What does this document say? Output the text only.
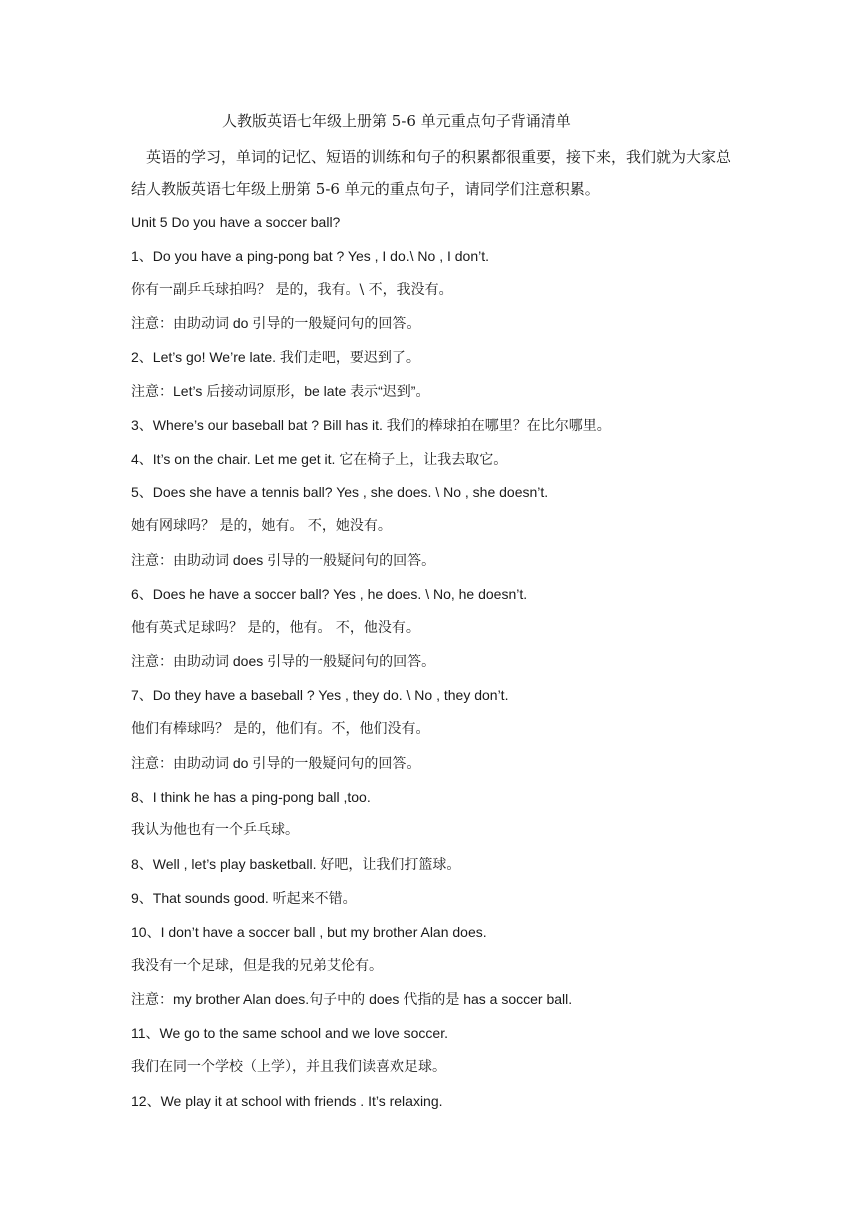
人教版英语七年级上册第 5-6 单元重点句子背诵清单
英语的学习，单词的记忆、短语的训练和句子的积累都很重要，接下来，我们就为大家总结人教版英语七年级上册第 5-6 单元的重点句子，请同学们注意积累。
Unit 5 Do you have a soccer ball?
1、Do you have a ping-pong bat ? Yes , I do.\ No , I don’t.
你有一副乒乓球拍吗？ 是的，我有。\ 不，我没有。
注意：由助动词 do 引导的一般疑问句的回答。
2、Let’s go! We’re late. 我们走吧，要迟到了。
注意：Let’s 后接动词原形，be late 表示“迟到”。
3、Where’s our baseball bat ? Bill has it. 我们的棒球拍在哪里？在比尔哪里。
4、It’s on the chair. Let me get it. 它在椅子上，让我去取它。
5、Does she have a tennis ball? Yes , she does. \ No , she doesn’t.
她有网球吗？ 是的，她有。 不，她没有。
注意：由助动词 does 引导的一般疑问句的回答。
6、Does he have a soccer ball? Yes , he does. \ No, he doesn’t.
他有英式足球吗？ 是的，他有。 不，他没有。
注意：由助动词 does 引导的一般疑问句的回答。
7、Do they have a baseball ? Yes , they do. \ No , they don’t.
他们有棒球吗？ 是的，他们有。不，他们没有。
注意：由助动词 do 引导的一般疑问句的回答。
8、I think he has a ping-pong ball ,too.
我认为他也有一个乒乓球。
8、Well , let’s play basketball. 好吧，让我们打篮球。
9、That sounds good. 听起来不错。
10、I don’t have a soccer ball , but my brother Alan does.
我没有一个足球，但是我的兄弟艾伦有。
注意：my brother Alan does.句子中的 does 代指的是 has a soccer ball.
11、We go to the same school and we love soccer.
我们在同一个学校（上学），并且我们读喜欢足球。
12、We play it at school with friends . It’s relaxing.
